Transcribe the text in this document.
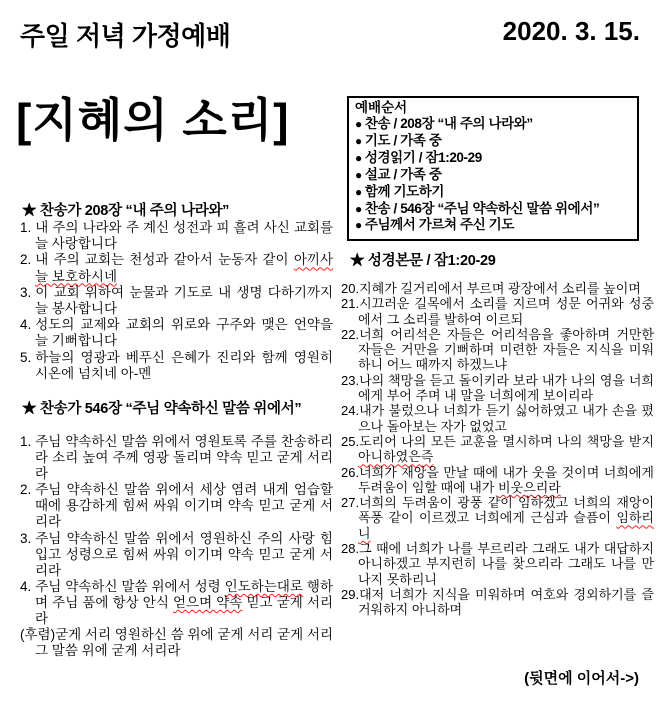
주일 저녁 가정예배	2020. 3. 15.
[지혜의 소리]	예배순서
● 찬송 / 208장 “내 주의 나라와”
● 기도 / 가족 중
● 성경읽기 / 잠1:20-29
● 설교 / 가족 중
● 함께 기도하기
● 찬송 / 546장 “주님 약속하신 말씀 위에서”
● 주님께서 가르쳐 주신 기도
★ 찬송가 208장 “내 주의 나라와”

1. 내 주의 나라와 주 계신 성전과 피 흘려 사신 교회를 늘 사랑합니다

2. 내 주의 교회는 천성과 같아서 눈동자 같이 아끼사 늘 보호하시네

3. 이 교회 위하여 눈물과 기도로 내 생명 다하기까지 늘 봉사합니다

4. 성도의 교제와 교회의 위로와 구주와 맺은 언약을 늘 기뻐합니다

5. 하늘의 영광과 베푸신 은혜가 진리와 함께 영원히 시온에 넘치네 아-멘

★ 찬송가 546장 “주님 약속하신 말씀 위에서”

1. 주님 약속하신 말씀 위에서 영원토록 주를 찬송하리라 소리 높여 주께 영광 돌리며 약속 믿고 굳게 서리라

2. 주님 약속하신 말씀 위에서 세상 염려 내게 엄습할 때에 용감하게 힘써 싸워 이기며 약속 믿고 굳게 서리라

3. 주님 약속하신 말씀 위에서 영원하신 주의 사랑 힘입고 성령으로 힘써 싸워 이기며 약속 믿고 굳게 서리라

4. 주님 약속하신 말씀 위에서 성령 인도하는대로 행하며 주님 품에 항상 안식 얻으며 약속 믿고 굳게 서리라

(후렴)굳게 서리 영원하신 씀 위에 굳게 서리 굳게 서리 그 말씀 위에 굳게 서리라

★ 성경본문 / 잠1:20-29

20.지혜가 길거리에서 부르며 광장에서 소리를 높이며

21.시끄러운 길목에서 소리를 지르며 성문 어귀와 성중에서 그 소리를 발하여 이르되

22.너희 어리석은 자들은 어리석음을 좋아하며 거만한 자들은 거만을 기뻐하며 미련한 자들은 지식을 미워하니 어느 때까지 하겠느냐

23.나의 책망을 듣고 돌이키라 보라 내가 나의 영을 너희에게 부어 주며 내 말을 너희에게 보이리라

24.내가 불렀으나 너희가 듣기 싫어하였고 내가 손을 폈으나 돌아보는 자가 없었고

25.도리어 나의 모든 교훈을 멸시하며 나의 책망을 받지 아니하였은즉

26.너희가 재앙을 만날 때에 내가 웃을 것이며 너희에게 두려움이 임할 때에 내가 비웃으리라

27.너희의 두려움이 광풍 같이 임하겠고 너희의 재앙이 폭풍 같이 이르겠고 너희에게 근심과 슬픔이 임하리니

28.그 때에 너희가 나를 부르리라 그래도 내가 대답하지 아니하겠고 부지런히 나를 찾으리라 그래도 나를 만나지 못하리니

29.대저 너희가 지식을 미워하며 여호와 경외하기를 즐거워하지 아니하며

(뒷면에 이어서->)
